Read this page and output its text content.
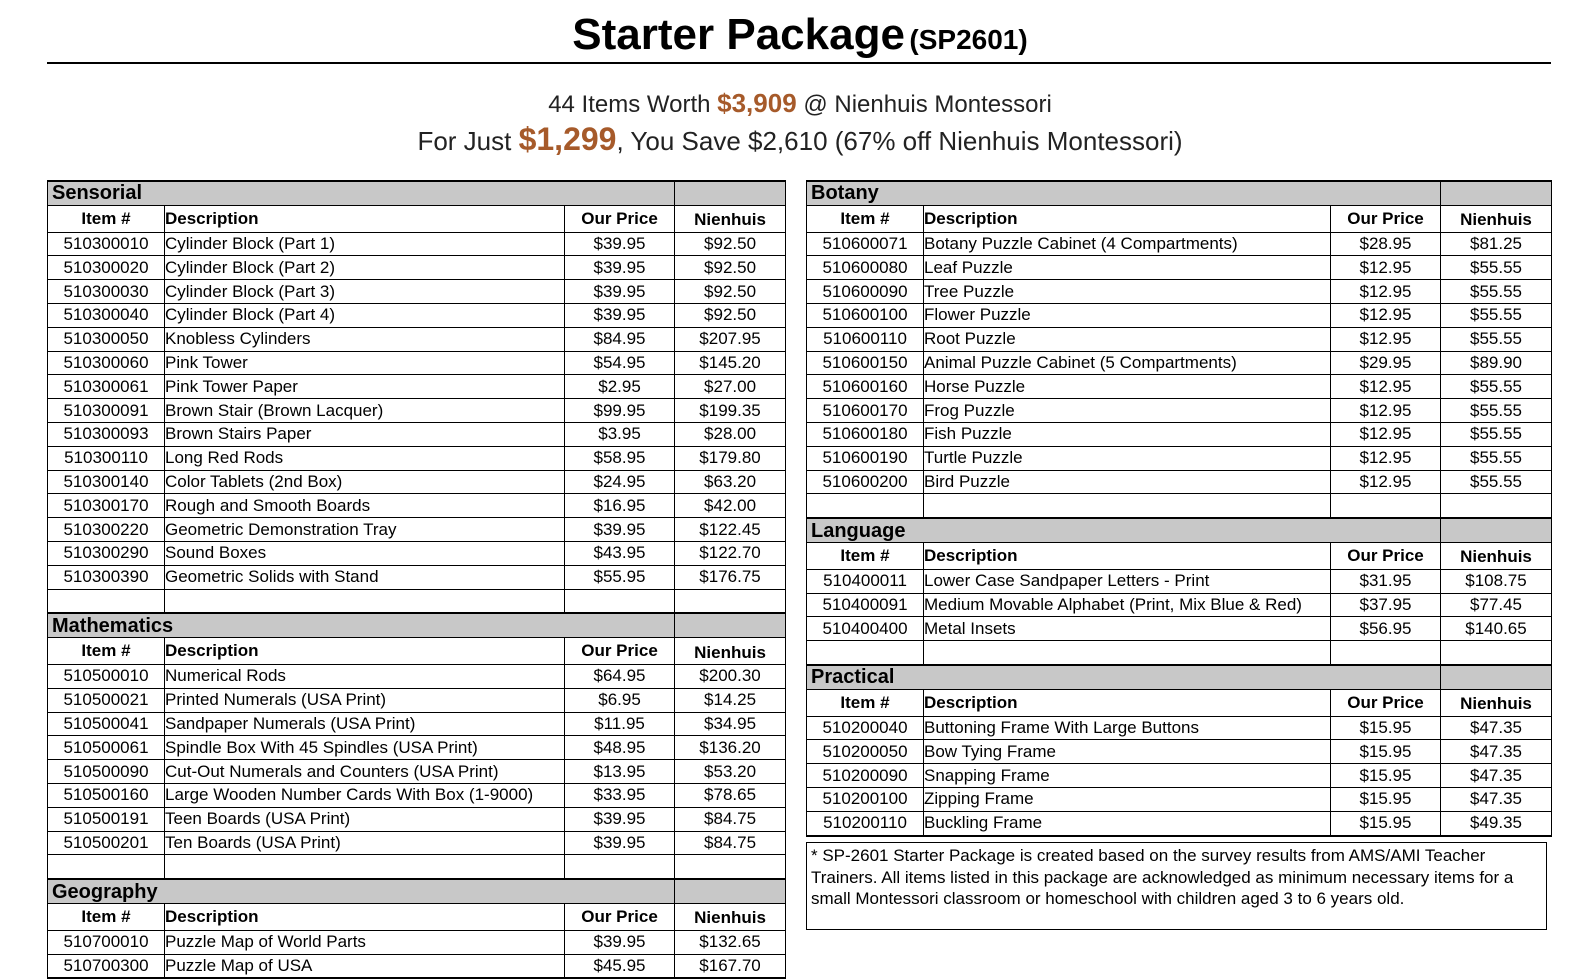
Starter Package (SP2601)
44 Items Worth $3,909 @ Nienhuis Montessori
For Just $1,299, You Save $2,610 (67% off Nienhuis Montessori)
Sensorial			
Item #	Description	Our Price	Nienhuis
510300010	Cylinder Block (Part 1)	$39.95	$92.50
510300020	Cylinder Block (Part 2)	$39.95	$92.50
510300030	Cylinder Block (Part 3)	$39.95	$92.50
510300040	Cylinder Block (Part 4)	$39.95	$92.50
510300050	Knobless Cylinders	$84.95	$207.95
510300060	Pink Tower	$54.95	$145.20
510300061	Pink Tower Paper	$2.95	$27.00
510300091	Brown Stair (Brown Lacquer)	$99.95	$199.35
510300093	Brown Stairs Paper	$3.95	$28.00
510300110	Long Red Rods	$58.95	$179.80
510300140	Color Tablets (2nd Box)	$24.95	$63.20
510300170	Rough and Smooth Boards	$16.95	$42.00
510300220	Geometric Demonstration Tray	$39.95	$122.45
510300290	Sound Boxes	$43.95	$122.70
510300390	Geometric Solids with Stand	$55.95	$176.75

Mathematics			
Item #	Description	Our Price	Nienhuis
510500010	Numerical Rods	$64.95	$200.30
510500021	Printed Numerals (USA Print)	$6.95	$14.25
510500041	Sandpaper Numerals (USA Print)	$11.95	$34.95
510500061	Spindle Box With 45 Spindles (USA Print)	$48.95	$136.20
510500090	Cut-Out Numerals and Counters (USA Print)	$13.95	$53.20
510500160	Large Wooden Number Cards With Box (1-9000)	$33.95	$78.65
510500191	Teen Boards (USA Print)	$39.95	$84.75
510500201	Ten Boards (USA Print)	$39.95	$84.75

Geography			
Item #	Description	Our Price	Nienhuis
510700010	Puzzle Map of World Parts	$39.95	$132.65
510700300	Puzzle Map of USA	$45.95	$167.70
Botany			
Item #	Description	Our Price	Nienhuis
510600071	Botany Puzzle Cabinet (4 Compartments)	$28.95	$81.25
510600080	Leaf Puzzle	$12.95	$55.55
510600090	Tree Puzzle	$12.95	$55.55
510600100	Flower Puzzle	$12.95	$55.55
510600110	Root Puzzle	$12.95	$55.55
510600150	Animal Puzzle Cabinet (5 Compartments)	$29.95	$89.90
510600160	Horse Puzzle	$12.95	$55.55
510600170	Frog Puzzle	$12.95	$55.55
510600180	Fish Puzzle	$12.95	$55.55
510600190	Turtle Puzzle	$12.95	$55.55
510600200	Bird Puzzle	$12.95	$55.55

Language			
Item #	Description	Our Price	Nienhuis
510400011	Lower Case Sandpaper Letters - Print	$31.95	$108.75
510400091	Medium Movable Alphabet (Print, Mix Blue & Red)	$37.95	$77.45
510400400	Metal Insets	$56.95	$140.65

Practical			
Item #	Description	Our Price	Nienhuis
510200040	Buttoning Frame With Large Buttons	$15.95	$47.35
510200050	Bow Tying Frame	$15.95	$47.35
510200090	Snapping Frame	$15.95	$47.35
510200100	Zipping Frame	$15.95	$47.35
510200110	Buckling Frame	$15.95	$49.35
* SP-2601 Starter Package is created based on the survey results from AMS/AMI Teacher Trainers. All items listed in this package are acknowledged as minimum necessary items for a small Montessori classroom or homeschool with children aged 3 to 6 years old.
